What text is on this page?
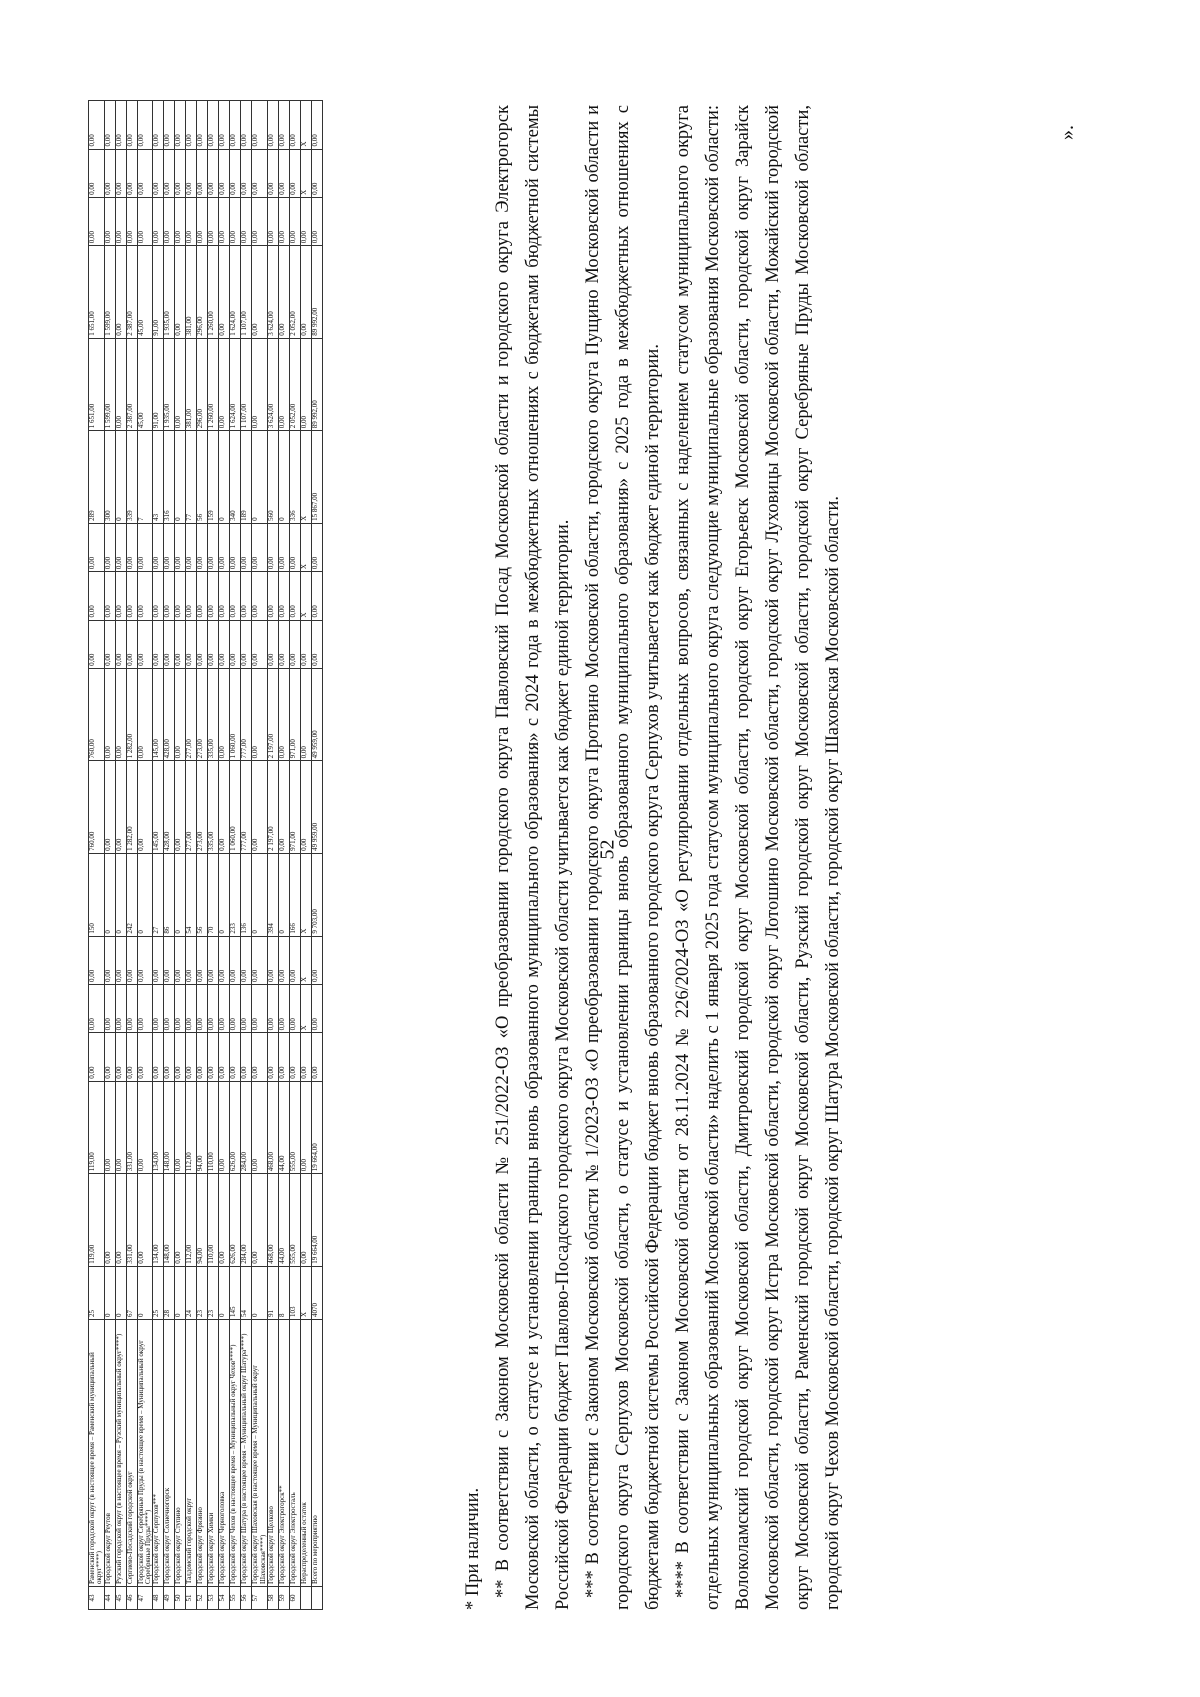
52
43	Раменский городской округ (в настоящее время – Раменский муниципальный округ****)	25	119,00	119,00	0,00	0,00	0,00	150	760,00	760,00	0,00	0,00	0,00	289	1 651,00	1 651,00	0,00	0,00	0,00
44	Городской округ Реутов	0	0,00	0,00	0,00	0,00	0,00	0	0,00	0,00	0,00	0,00	0,00	300	1 599,00	1 599,00	0,00	0,00	0,00
45	Рузский городской округ (в настоящее время – Рузский муниципальный округ****)	0	0,00	0,00	0,00	0,00	0,00	0	0,00	0,00	0,00	0,00	0,00	0	0,00	0,00	0,00	0,00	0,00
46	Сергиево-Посадский городской округ	67	331,00	331,00	0,00	0,00	0,00	242	1 282,00	1 282,00	0,00	0,00	0,00	339	2 387,00	2 387,00	0,00	0,00	0,00
47	Городской округ Серебряные Пруды (в настоящее время – Муниципальный округ Серебряные Пруды****)	0	0,00	0,00	0,00	0,00	0,00	0	0,00	0,00	0,00	0,00	0,00	7	45,00	45,00	0,00	0,00	0,00
48	Городской округ Серпухов***	25	134,00	134,00	0,00	0,00	0,00	27	145,00	145,00	0,00	0,00	0,00	43	91,00	91,00	0,00	0,00	0,00
49	Городской округ Солнечногорск	28	148,00	148,00	0,00	0,00	0,00	86	428,00	428,00	0,00	0,00	0,00	316	1 935,00	1 935,00	0,00	0,00	0,00
50	Городской округ Ступино	0	0,00	0,00	0,00	0,00	0,00	0	0,00	0,00	0,00	0,00	0,00	0	0,00	0,00	0,00	0,00	0,00
51	Талдомский городской округ	24	112,00	112,00	0,00	0,00	0,00	54	277,00	277,00	0,00	0,00	0,00	77	381,00	381,00	0,00	0,00	0,00
52	Городской округ Фрязино	23	94,00	94,00	0,00	0,00	0,00	56	273,00	273,00	0,00	0,00	0,00	56	296,00	296,00	0,00	0,00	0,00
53	Городской округ Химки	23	110,00	110,00	0,00	0,00	0,00	70	335,00	335,00	0,00	0,00	0,00	159	1 260,00	1 260,00	0,00	0,00	0,00
54	Городской округ Черноголовка	0	0,00	0,00	0,00	0,00	0,00	0	0,00	0,00	0,00	0,00	0,00	0	0,00	0,00	0,00	0,00	0,00
55	Городской округ Чехов (в настоящее время – Муниципальный округ Чехов****)	145	626,00	626,00	0,00	0,00	0,00	233	1 060,00	1 060,00	0,00	0,00	0,00	340	1 624,00	1 624,00	0,00	0,00	0,00
56	Городской округ Шатура (в настоящее время – Муниципальный округ Шатура****)	54	284,00	284,00	0,00	0,00	0,00	136	777,00	777,00	0,00	0,00	0,00	189	1 107,00	1 107,00	0,00	0,00	0,00
57	Городской округ Шаховская (в настоящее время – Муниципальный округ Шаховская****)	0	0,00	0,00	0,00	0,00	0,00	0	0,00	0,00	0,00	0,00	0,00	0	0,00	0,00	0,00	0,00	0,00
58	Городской округ Щелково	91	468,00	468,00	0,00	0,00	0,00	394	2 197,00	2 197,00	0,00	0,00	0,00	560	3 624,00	3 624,00	0,00	0,00	0,00
59	Городской округ Электрогорск**	8	44,00	44,00	0,00	0,00	0,00	0	0,00	0,00	0,00	0,00	0,00	0	0,00	0,00	0,00	0,00	0,00
60	Городской округ Электросталь	103	555,00	555,00	0,00	0,00	0,00	166	971,00	971,00	0,00	0,00	0,00	336	2 052,00	2 052,00	0,00	0,00	0,00
	Нераспределенный остаток	X	0,00	0,00	0,00	X	X	X	0,00	0,00	0,00	X	X	X	0,00	0,00	0,00	X	X
	Всего по мероприятию	4070	19 664,00	19 664,00	0,00	0,00	0,00	9 703,00	49 959,00	49 959,00	0,00	0,00	0,00	15 867,00	89 992,00	89 992,00	0,00	0,00	0,00

* При наличии. ** В соответствии с Законом Московской области № 251/2022-ОЗ «О преобразовании городского округа Павловский Посад Московской области и городского округа Электрогорск Московской области, о статусе и установлении границы вновь образованного муниципального образования» с 2024 года в межбюджетных отношениях с бюджетами бюджетной системы Российской Федерации бюджет Павлово-Посадского городского округа Московской области учитывается как бюджет единой территории. *** В соответствии с Законом Московской области № 1/2023-ОЗ «О преобразовании городского округа Протвино Московской области, городского округа Пущино Московской области и городского округа Серпухов Московской области, о статусе и установлении границы вновь образованного муниципального образования» с 2025 года в межбюджетных отношениях с бюджетами бюджетной системы Российской Федерации бюджет вновь образованного городского округа Серпухов учитывается как бюджет единой территории. **** В соответствии с Законом Московской области от 28.11.2024 № 226/2024-ОЗ «О регулировании отдельных вопросов, связанных с наделением статусом муниципального округа отдельных муниципальных образований Московской области» наделить с 1 января 2025 года статусом муниципального округа следующие муниципальные образования Московской области: Волоколамский городской округ Московской области, Дмитровский городской округ Московской области, городской округ Егорьевск Московской области, городской округ Зарайск Московской области, городской округ Истра Московской области, городской округ Лотошино Московской области, городской округ Луховицы Московской области, Можайский городской округ Московской области, Раменский городской округ Московской области, Рузский городской округ Московской области, городской округ Серебряные Пруды Московской области, городской округ Чехов Московской области, городской округ Шатура Московской области, городской округ Шаховская Московской области.

».
